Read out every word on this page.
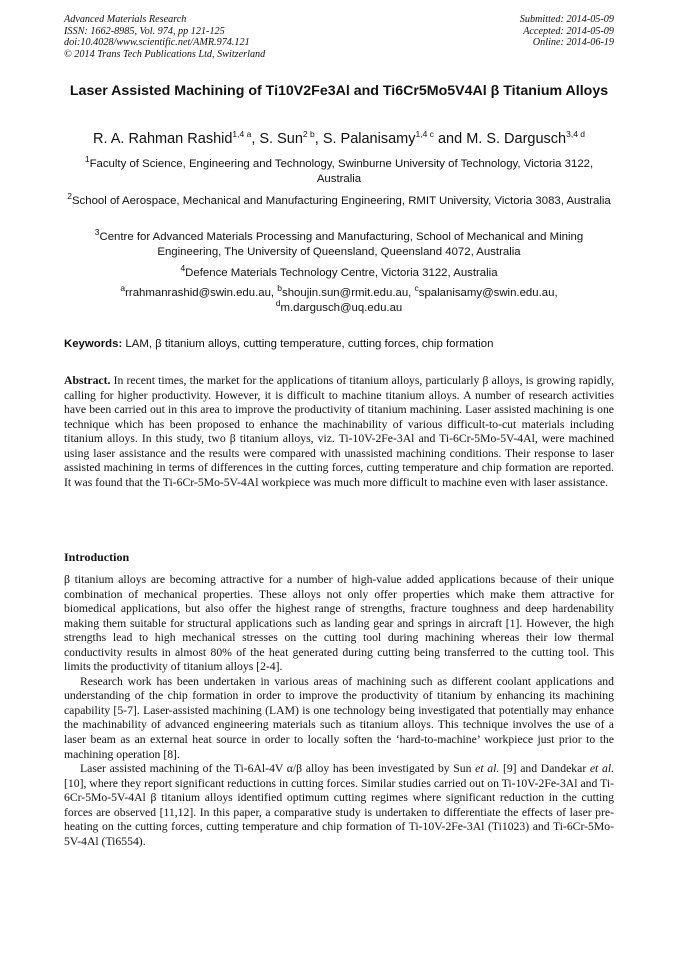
Advanced Materials Research
ISSN: 1662-8985, Vol. 974, pp 121-125
doi:10.4028/www.scientific.net/AMR.974.121
© 2014 Trans Tech Publications Ltd, Switzerland
Submitted: 2014-05-09
Accepted: 2014-05-09
Online: 2014-06-19
Laser Assisted Machining of Ti10V2Fe3Al and Ti6Cr5Mo5V4Al β Titanium Alloys
R. A. Rahman Rashid$^{1,4 a}$, S. Sun$^{2 b}$, S. Palanisamy$^{1,4 c}$ and M. S. Dargusch$^{3,4 d}$
$^1$Faculty of Science, Engineering and Technology, Swinburne University of Technology, Victoria 3122, Australia
$^2$School of Aerospace, Mechanical and Manufacturing Engineering, RMIT University, Victoria 3083, Australia
$^3$Centre for Advanced Materials Processing and Manufacturing, School of Mechanical and Mining Engineering, The University of Queensland, Queensland 4072, Australia
$^4$Defence Materials Technology Centre, Victoria 3122, Australia
$^a$rrahmanrashid@swin.edu.au, $^b$shoujin.sun@rmit.edu.au, $^c$spalanisamy@swin.edu.au,
$^d$m.dargusch@uq.edu.au
Keywords: LAM, β titanium alloys, cutting temperature, cutting forces, chip formation

Abstract. In recent times, the market for the applications of titanium alloys, particularly β alloys, is growing rapidly, calling for higher productivity. However, it is difficult to machine titanium alloys. A number of research activities have been carried out in this area to improve the productivity of titanium machining. Laser assisted machining is one technique which has been proposed to enhance the machinability of various difficult-to-cut materials including titanium alloys. In this study, two β titanium alloys, viz. Ti-10V-2Fe-3Al and Ti-6Cr-5Mo-5V-4Al, were machined using laser assistance and the results were compared with unassisted machining conditions. Their response to laser assisted machining in terms of differences in the cutting forces, cutting temperature and chip formation are reported. It was found that the Ti-6Cr-5Mo-5V-4Al workpiece was much more difficult to machine even with laser assistance.

Introduction

β titanium alloys are becoming attractive for a number of high-value added applications because of their unique combination of mechanical properties. These alloys not only offer properties which make them attractive for biomedical applications, but also offer the highest range of strengths, fracture toughness and deep hardenability making them suitable for structural applications such as landing gear and springs in aircraft [1]. However, the high strengths lead to high mechanical stresses on the cutting tool during machining whereas their low thermal conductivity results in almost 80% of the heat generated during cutting being transferred to the cutting tool. This limits the productivity of titanium alloys [2-4].

Research work has been undertaken in various areas of machining such as different coolant applications and understanding of the chip formation in order to improve the productivity of titanium by enhancing its machining capability [5-7]. Laser-assisted machining (LAM) is one technology being investigated that potentially may enhance the machinability of advanced engineering materials such as titanium alloys. This technique involves the use of a laser beam as an external heat source in order to locally soften the ‘hard-to-machine’ workpiece just prior to the machining operation [8].

Laser assisted machining of the Ti-6Al-4V α/β alloy has been investigated by Sun et al. [9] and Dandekar et al. [10], where they report significant reductions in cutting forces. Similar studies carried out on Ti-10V-2Fe-3Al and Ti-6Cr-5Mo-5V-4Al β titanium alloys identified optimum cutting regimes where significant reduction in the cutting forces are observed [11,12]. In this paper, a comparative study is undertaken to differentiate the effects of laser pre-heating on the cutting forces, cutting temperature and chip formation of Ti-10V-2Fe-3Al (Ti1023) and Ti-6Cr-5Mo-5V-4Al (Ti6554).
